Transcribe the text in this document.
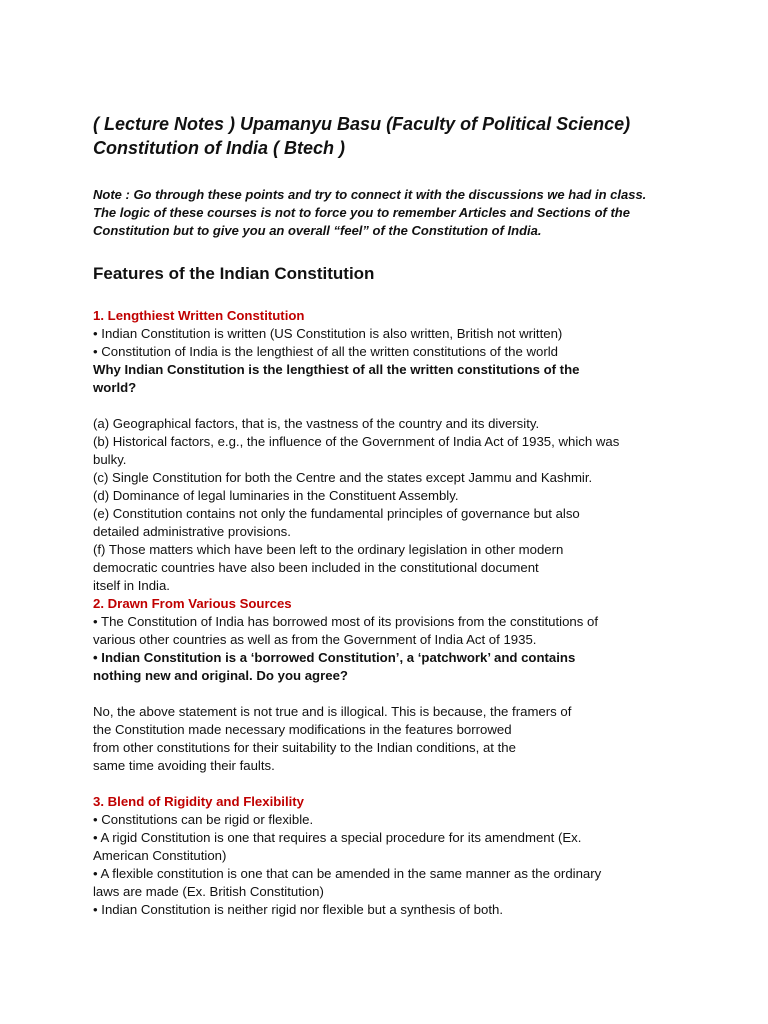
( Lecture Notes ) Upamanyu Basu (Faculty of Political Science)

Constitution of India ( Btech )

Note : Go through these points and try to connect it with the discussions we had in class.
The logic of these courses is not to force you to remember Articles and Sections of the
Constitution but to give you an overall “feel” of the Constitution of India.

Features of the Indian Constitution

1. Lengthiest Written Constitution

• Indian Constitution is written (US Constitution is also written, British not written)

• Constitution of India is the lengthiest of all the written constitutions of the world

Why Indian Constitution is the lengthiest of all the written constitutions of the

world?

(a) Geographical factors, that is, the vastness of the country and its diversity.

(b) Historical factors, e.g., the influence of the Government of India Act of 1935, which was

bulky.

(c) Single Constitution for both the Centre and the states except Jammu and Kashmir.

(d) Dominance of legal luminaries in the Constituent Assembly.

(e) Constitution contains not only the fundamental principles of governance but also

detailed administrative provisions.

(f) Those matters which have been left to the ordinary legislation in other modern

democratic countries have also been included in the constitutional document

itself in India.

2. Drawn From Various Sources

• The Constitution of India has borrowed most of its provisions from the constitutions of

various other countries as well as from the Government of India Act of 1935.

• Indian Constitution is a ‘borrowed Constitution’, a ‘patchwork’ and contains

nothing new and original. Do you agree?

No, the above statement is not true and is illogical. This is because, the framers of

the Constitution made necessary modifications in the features borrowed

from other constitutions for their suitability to the Indian conditions, at the

same time avoiding their faults.

3. Blend of Rigidity and Flexibility

• Constitutions can be rigid or flexible.

• A rigid Constitution is one that requires a special procedure for its amendment (Ex.

American Constitution)

• A flexible constitution is one that can be amended in the same manner as the ordinary

laws are made (Ex. British Constitution)

• Indian Constitution is neither rigid nor flexible but a synthesis of both.
